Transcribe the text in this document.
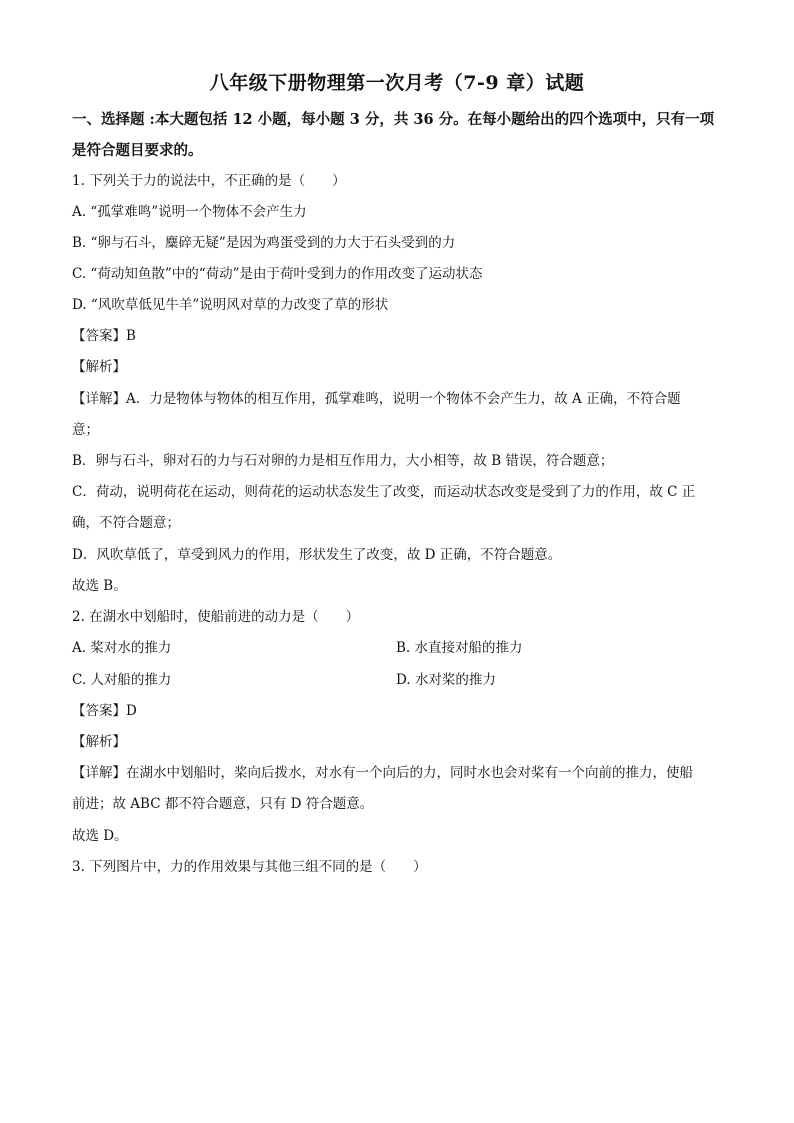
八年级下册物理第一次月考（7-9 章）试题
一、选择题 :本大题包括 12 小题，每小题 3 分，共 36 分。在每小题给出的四个选项中，只有一项是符合题目要求的。
1. 下列关于力的说法中，不正确的是（　　）
A. “孤掌难鸣”说明一个物体不会产生力
B. “卵与石斗，麋碎无疑”是因为鸡蛋受到的力大于石头受到的力
C. “荷动知鱼散”中的“荷动”是由于荷叶受到力的作用改变了运动状态
D. “风吹草低见牛羊”说明风对草的力改变了草的形状
【答案】B
【解析】
【详解】A．力是物体与物体的相互作用，孤掌难鸣，说明一个物体不会产生力，故 A 正确，不符合题
意；
B．卵与石斗，卵对石的力与石对卵的力是相互作用力，大小相等，故 B 错误，符合题意；
C．荷动，说明荷花在运动，则荷花的运动状态发生了改变，而运动状态改变是受到了力的作用，故 C 正
确，不符合题意；
D．风吹草低了，草受到风力的作用，形状发生了改变，故 D 正确，不符合题意。
故选 B。
2. 在湖水中划船时，使船前进的动力是（　　）
A. 桨对水的推力	B. 水直接对船的推力
C. 人对船的推力	D. 水对桨的推力
【答案】D
【解析】
【详解】在湖水中划船时，桨向后拨水，对水有一个向后的力，同时水也会对桨有一个向前的推力，使船
前进；故 ABC 都不符合题意，只有 D 符合题意。
故选 D。
3. 下列图片中，力的作用效果与其他三组不同的是（　　）
